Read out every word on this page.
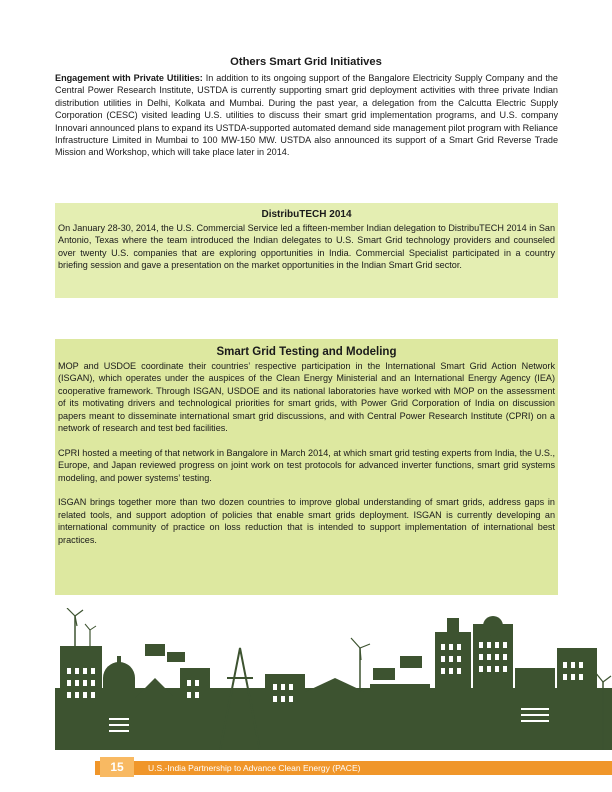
Others Smart Grid Initiatives

Engagement with Private Utilities: In addition to its ongoing support of the Bangalore Electricity Supply Company and the Central Power Research Institute, USTDA is currently supporting smart grid deployment activities with three private Indian distribution utilities in Delhi, Kolkata and Mumbai. During the past year, a delegation from the Calcutta Electric Supply Corporation (CESC) visited leading U.S. utilities to discuss their smart grid implementation programs, and U.S. company Innovari announced plans to expand its USTDA-supported automated demand side management pilot program with Reliance Infrastructure Limited in Mumbai to 100 MW-150 MW. USTDA also announced its support of a Smart Grid Reverse Trade Mission and Workshop, which will take place later in 2014.

DistribuTECH 2014

On January 28-30, 2014, the U.S. Commercial Service led a fifteen-member Indian delegation to DistribuTECH 2014 in San Antonio, Texas where the team introduced the Indian delegates to U.S. Smart Grid technology providers and counseled over twenty U.S. companies that are exploring opportunities in India. Commercial Specialist participated in a country briefing session and gave a presentation on the market opportunities in the Indian Smart Grid sector.

Smart Grid Testing and Modeling

MOP and USDOE coordinate their countries’ respective participation in the International Smart Grid Action Network (ISGAN), which operates under the auspices of the Clean Energy Ministerial and an International Energy Agency (IEA) cooperative framework. Through ISGAN, USDOE and its national laboratories have worked with MOP on the assessment of its motivating drivers and technological priorities for smart grids, with Power Grid Corporation of India on discussion papers meant to disseminate international smart grid discussions, and with Central Power Research Institute (CPRI) on a network of research and test bed facilities.

CPRI hosted a meeting of that network in Bangalore in March 2014, at which smart grid testing experts from India, the U.S., Europe, and Japan reviewed progress on joint work on test protocols for advanced inverter functions, smart grid systems modeling, and power systems’ testing.

ISGAN brings together more than two dozen countries to improve global understanding of smart grids, address gaps in related tools, and support adoption of policies that enable smart grids deployment. ISGAN is currently developing an international community of practice on loss reduction that is intended to support implementation of international best practices.

15	U.S.-India Partnership to Advance Clean Energy (PACE)
